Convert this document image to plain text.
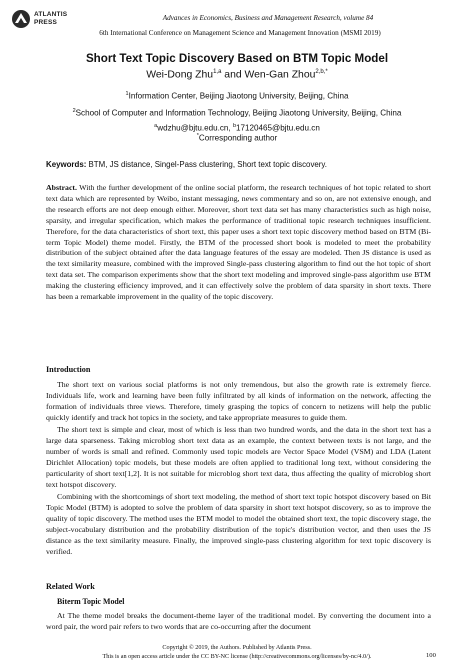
ATLANTIS
PRESS
Advances in Economics, Business and Management Research, volume 84
6th International Conference on Management Science and Management Innovation (MSMI 2019)
Short Text Topic Discovery Based on BTM Topic Model
Wei-Dong Zhu$^{1,a}$ and Wen-Gan Zhou$^{2,b,*}$
$^1$Information Center, Beijing Jiaotong University, Beijing, China
$^2$School of Computer and Information Technology, Beijing Jiaotong University, Beijing, China
$^a$wdzhu@bjtu.edu.cn, $^b$17120465@bjtu.edu.cn
*Corresponding author
Keywords: BTM, JS distance, Singel-Pass clustering, Short text topic discovery.
Abstract. With the further development of the online social platform, the research techniques of hot topic related to short text data which are represented by Weibo, instant messaging, news commentary and so on, are not extensive enough, and the research efforts are not deep enough either. Moreover, short text data set has many characteristics such as high noise, sparsity, and irregular specification, which makes the performance of traditional topic research techniques insufficient. Therefore, for the data characteristics of short text, this paper uses a short text topic discovery method based on BTM (Bi-term Topic Model) theme model. Firstly, the BTM of the processed short book is modeled to meet the probability distribution of the subject obtained after the data language features of the essay are modeled. Then JS distance is used as the text similarity measure, combined with the improved Single-pass clustering algorithm to find out the hot topic of short text data set. The comparison experiments show that the short text modeling and improved single-pass algorithm use BTM making the clustering efficiency improved, and it can effectively solve the problem of data sparsity in short texts. There has been a remarkable improvement in the quality of the topic discovery.
Introduction
The short text on various social platforms is not only tremendous, but also the growth rate is extremely fierce. Individuals life, work and learning have been fully infiltrated by all kinds of information on the network, affecting the formation of individuals three views. Therefore, timely grasping the topics of concern to netizens will help the public quickly identify and track hot topics in the society, and take appropriate measures to guide them.
The short text is simple and clear, most of which is less than two hundred words, and the data in the short text has a large data sparseness. Taking microblog short text data as an example, the context between texts is not large, and the number of words is small and refined. Commonly used topic models are Vector Space Model (VSM) and LDA (Latent Dirichlet Allocation) topic models, but these models are often applied to traditional long text, without considering the particularity of short text[1,2]. It is not suitable for microblog short text data, thus affecting the quality of microblog short text hotspot discovery.
Combining with the shortcomings of short text modeling, the method of short text topic hotspot discovery based on Bit Topic Model (BTM) is adopted to solve the problem of data sparsity in short text hotspot discovery, so as to improve the quality of topic discovery. The method uses the BTM model to model the obtained short text, the topic discovery stage, the subject-vocabulary distribution and the probability distribution of the topic's distribution vector, and then uses the JS distance as the text similarity measure. Finally, the improved single-pass clustering algorithm for text topic discovery is verified.
Related Work
Biterm Topic Model
At The theme model breaks the document-theme layer of the traditional model. By converting the document into a word pair, the word pair refers to two words that are co-occurring after the document
Copyright © 2019, the Authors. Published by Atlantis Press.
This is an open access article under the CC BY-NC license (http://creativecommons.org/licenses/by-nc/4.0/).	100
